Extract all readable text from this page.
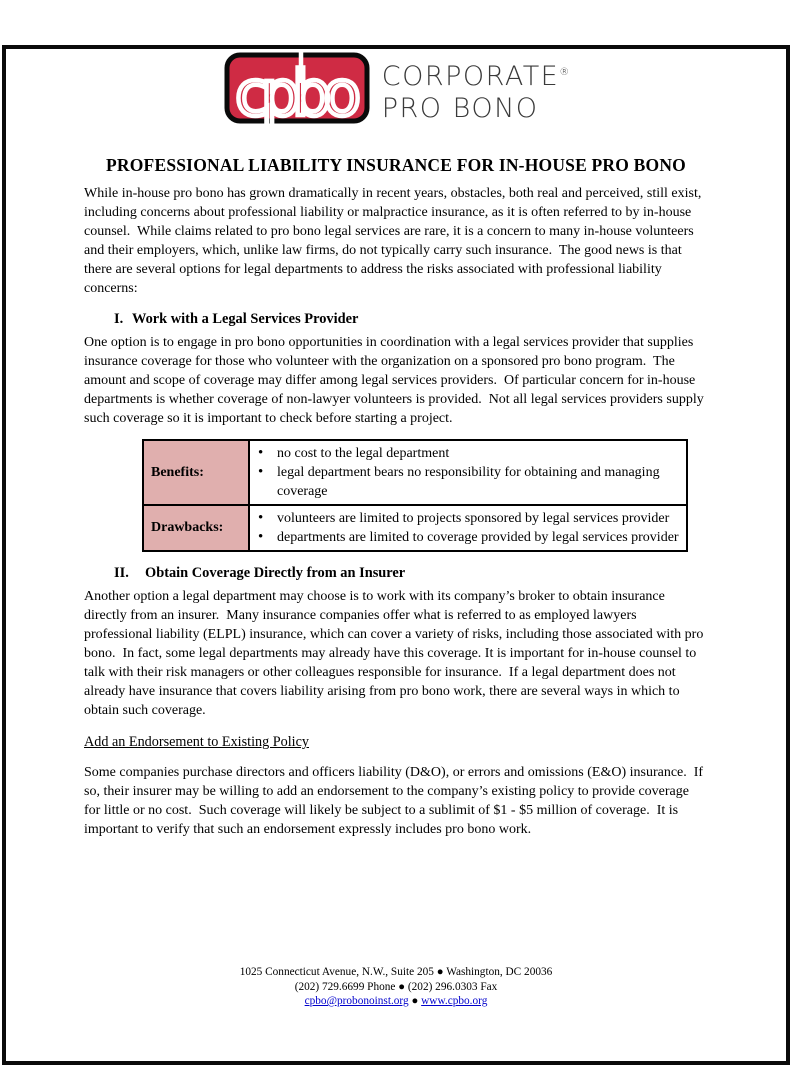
cpbo CORPORATE®
PRO BONO
PROFESSIONAL LIABILITY INSURANCE FOR IN-HOUSE PRO BONO

While in-house pro bono has grown dramatically in recent years, obstacles, both real and perceived, still exist, including concerns about professional liability or malpractice insurance, as it is often referred to by in-house counsel.  While claims related to pro bono legal services are rare, it is a concern to many in-house volunteers and their employers, which, unlike law firms, do not typically carry such insurance.  The good news is that there are several options for legal departments to address the risks associated with professional liability concerns:

I. Work with a Legal Services Provider

One option is to engage in pro bono opportunities in coordination with a legal services provider that supplies insurance coverage for those who volunteer with the organization on a sponsored pro bono program.  The amount and scope of coverage may differ among legal services providers.  Of particular concern for in-house departments is whether coverage of non-lawyer volunteers is provided.  Not all legal services providers supply such coverage so it is important to check before starting a project.

Benefits:	
• no cost to the legal department
• legal department bears no responsibility for obtaining and managing coverage

Drawbacks:	
• volunteers are limited to projects sponsored by legal services provider
• departments are limited to coverage provided by legal services provider
II. Obtain Coverage Directly from an Insurer

Another option a legal department may choose is to work with its company’s broker to obtain insurance directly from an insurer.  Many insurance companies offer what is referred to as employed lawyers professional liability (ELPL) insurance, which can cover a variety of risks, including those associated with pro bono.  In fact, some legal departments may already have this coverage. It is important for in-house counsel to talk with their risk managers or other colleagues responsible for insurance.  If a legal department does not already have insurance that covers liability arising from pro bono work, there are several ways in which to obtain such coverage.

Add an Endorsement to Existing Policy

Some companies purchase directors and officers liability (D&O), or errors and omissions (E&O) insurance.  If so, their insurer may be willing to add an endorsement to the company’s existing policy to provide coverage for little or no cost.  Such coverage will likely be subject to a sublimit of $1 - $5 million of coverage.  It is important to verify that such an endorsement expressly includes pro bono work.

1025 Connecticut Avenue, N.W., Suite 205 ● Washington, DC 20036
(202) 729.6699 Phone ● (202) 296.0303 Fax
cpbo@probonoinst.org ● www.cpbo.org
